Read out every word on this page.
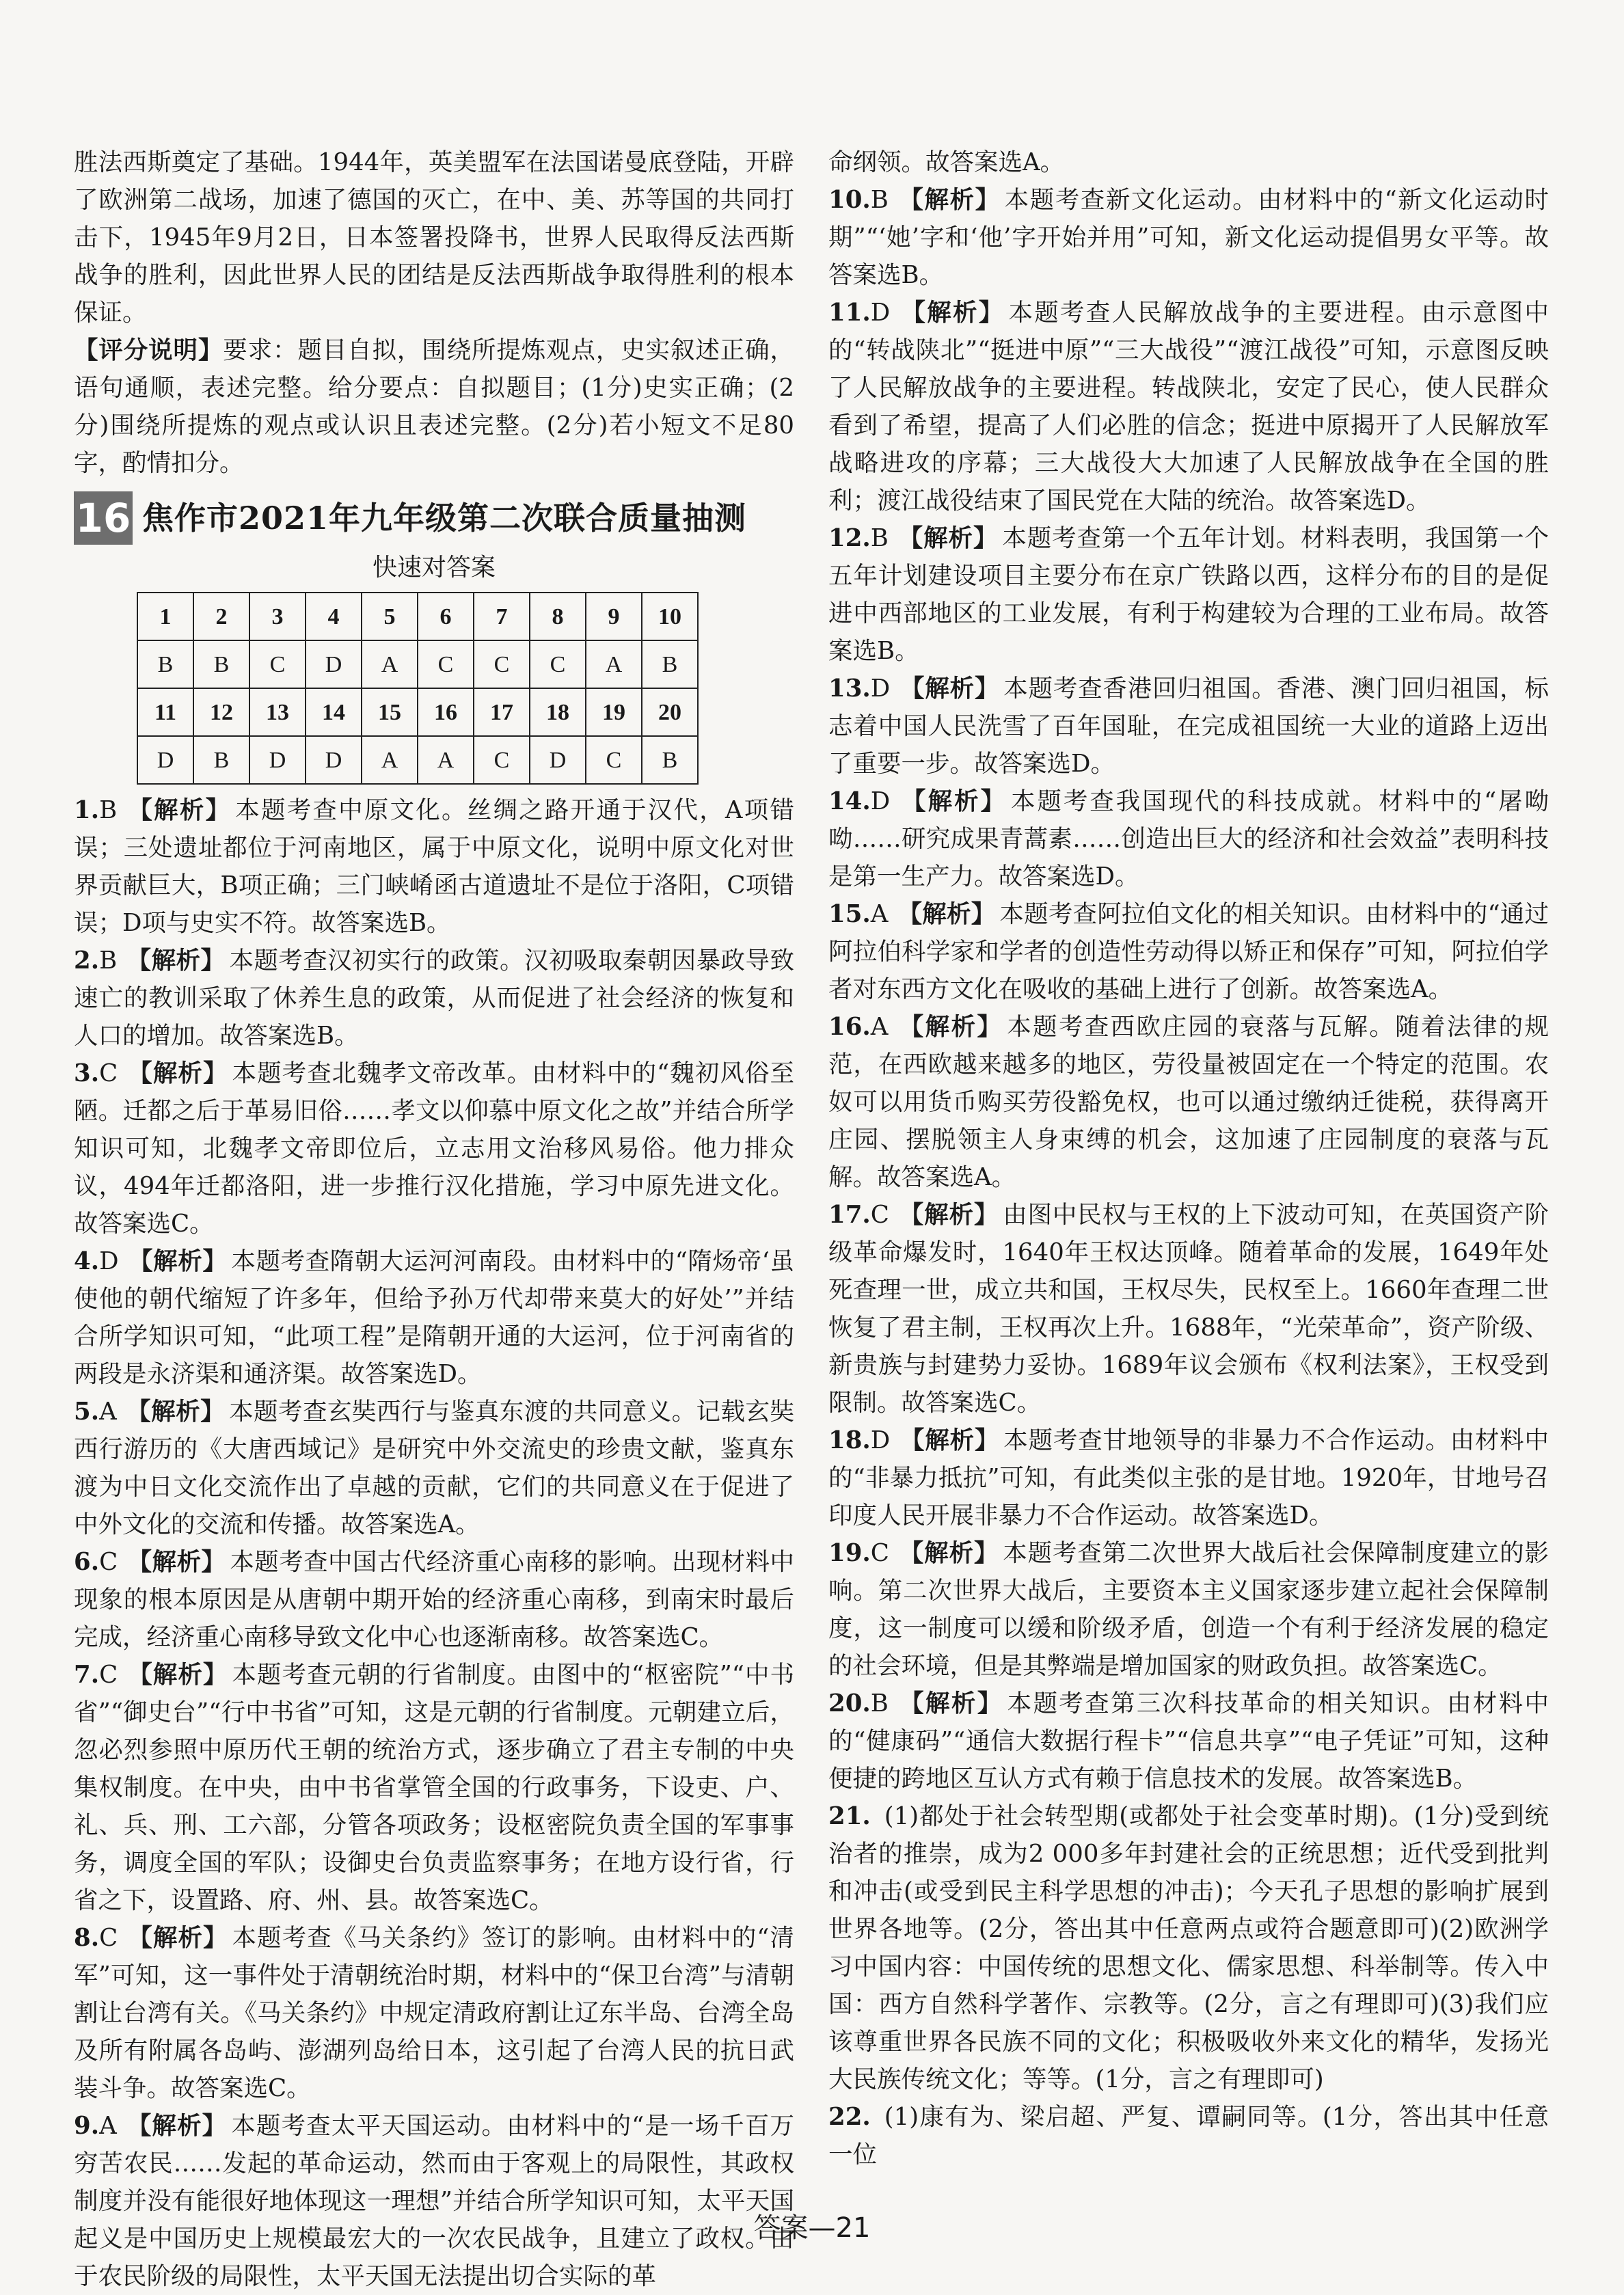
胜法西斯奠定了基础。1944年，英美盟军在法国诺曼底登陆，开辟了欧洲第二战场，加速了德国的灭亡，在中、美、苏等国的共同打击下，1945年9月2日，日本签署投降书，世界人民取得反法西斯战争的胜利，因此世界人民的团结是反法西斯战争取得胜利的根本保证。

【评分说明】要求：题目自拟，围绕所提炼观点，史实叙述正确，语句通顺，表述完整。给分要点：自拟题目；(1分)史实正确；(2分)围绕所提炼的观点或认识且表述完整。(2分)若小短文不足80字，酌情扣分。

16 焦作市2021年九年级第二次联合质量抽测
快速对答案
1	2	3	4	5	6	7	8	9	10
B	B	C	D	A	C	C	C	A	B
11	12	13	14	15	16	17	18	19	20
D	B	D	D	A	A	C	D	C	B

1.B 【解析】 本题考查中原文化。丝绸之路开通于汉代，A项错误；三处遗址都位于河南地区，属于中原文化，说明中原文化对世界贡献巨大，B项正确；三门峡崤函古道遗址不是位于洛阳，C项错误；D项与史实不符。故答案选B。

2.B 【解析】 本题考查汉初实行的政策。汉初吸取秦朝因暴政导致速亡的教训采取了休养生息的政策，从而促进了社会经济的恢复和人口的增加。故答案选B。

3.C 【解析】 本题考查北魏孝文帝改革。由材料中的“魏初风俗至陋。迁都之后于革易旧俗……孝文以仰慕中原文化之故”并结合所学知识可知，北魏孝文帝即位后，立志用文治移风易俗。他力排众议，494年迁都洛阳，进一步推行汉化措施，学习中原先进文化。故答案选C。

4.D 【解析】 本题考查隋朝大运河河南段。由材料中的“隋炀帝‘虽使他的朝代缩短了许多年，但给予孙万代却带来莫大的好处’”并结合所学知识可知，“此项工程”是隋朝开通的大运河，位于河南省的两段是永济渠和通济渠。故答案选D。

5.A 【解析】 本题考查玄奘西行与鉴真东渡的共同意义。记载玄奘西行游历的《大唐西域记》是研究中外交流史的珍贵文献，鉴真东渡为中日文化交流作出了卓越的贡献，它们的共同意义在于促进了中外文化的交流和传播。故答案选A。

6.C 【解析】 本题考查中国古代经济重心南移的影响。出现材料中现象的根本原因是从唐朝中期开始的经济重心南移，到南宋时最后完成，经济重心南移导致文化中心也逐渐南移。故答案选C。

7.C 【解析】 本题考查元朝的行省制度。由图中的“枢密院”“中书省”“御史台”“行中书省”可知，这是元朝的行省制度。元朝建立后，忽必烈参照中原历代王朝的统治方式，逐步确立了君主专制的中央集权制度。在中央，由中书省掌管全国的行政事务，下设吏、户、礼、兵、刑、工六部，分管各项政务；设枢密院负责全国的军事事务，调度全国的军队；设御史台负责监察事务；在地方设行省，行省之下，设置路、府、州、县。故答案选C。

8.C 【解析】 本题考查《马关条约》签订的影响。由材料中的“清军”可知，这一事件处于清朝统治时期，材料中的“保卫台湾”与清朝割让台湾有关。《马关条约》中规定清政府割让辽东半岛、台湾全岛及所有附属各岛屿、澎湖列岛给日本，这引起了台湾人民的抗日武装斗争。故答案选C。

9.A 【解析】 本题考查太平天国运动。由材料中的“是一场千百万穷苦农民……发起的革命运动，然而由于客观上的局限性，其政权制度并没有能很好地体现这一理想”并结合所学知识可知，太平天国起义是中国历史上规模最宏大的一次农民战争，且建立了政权。由于农民阶级的局限性，太平天国无法提出切合实际的革

命纲领。故答案选A。

10.B 【解析】 本题考查新文化运动。由材料中的“新文化运动时期”“‘她’字和‘他’字开始并用”可知，新文化运动提倡男女平等。故答案选B。

11.D 【解析】 本题考查人民解放战争的主要进程。由示意图中的“转战陕北”“挺进中原”“三大战役”“渡江战役”可知，示意图反映了人民解放战争的主要进程。转战陕北，安定了民心，使人民群众看到了希望，提高了人们必胜的信念；挺进中原揭开了人民解放军战略进攻的序幕；三大战役大大加速了人民解放战争在全国的胜利；渡江战役结束了国民党在大陆的统治。故答案选D。

12.B 【解析】 本题考查第一个五年计划。材料表明，我国第一个五年计划建设项目主要分布在京广铁路以西，这样分布的目的是促进中西部地区的工业发展，有利于构建较为合理的工业布局。故答案选B。

13.D 【解析】 本题考查香港回归祖国。香港、澳门回归祖国，标志着中国人民洗雪了百年国耻，在完成祖国统一大业的道路上迈出了重要一步。故答案选D。

14.D 【解析】 本题考查我国现代的科技成就。材料中的“屠呦呦……研究成果青蒿素……创造出巨大的经济和社会效益”表明科技是第一生产力。故答案选D。

15.A 【解析】 本题考查阿拉伯文化的相关知识。由材料中的“通过阿拉伯科学家和学者的创造性劳动得以矫正和保存”可知，阿拉伯学者对东西方文化在吸收的基础上进行了创新。故答案选A。

16.A 【解析】 本题考查西欧庄园的衰落与瓦解。随着法律的规范，在西欧越来越多的地区，劳役量被固定在一个特定的范围。农奴可以用货币购买劳役豁免权，也可以通过缴纳迁徙税，获得离开庄园、摆脱领主人身束缚的机会，这加速了庄园制度的衰落与瓦解。故答案选A。

17.C 【解析】 由图中民权与王权的上下波动可知，在英国资产阶级革命爆发时，1640年王权达顶峰。随着革命的发展，1649年处死查理一世，成立共和国，王权尽失，民权至上。1660年查理二世恢复了君主制，王权再次上升。1688年，“光荣革命”，资产阶级、新贵族与封建势力妥协。1689年议会颁布《权利法案》，王权受到限制。故答案选C。

18.D 【解析】 本题考查甘地领导的非暴力不合作运动。由材料中的“非暴力抵抗”可知，有此类似主张的是甘地。1920年，甘地号召印度人民开展非暴力不合作运动。故答案选D。

19.C 【解析】 本题考查第二次世界大战后社会保障制度建立的影响。第二次世界大战后，主要资本主义国家逐步建立起社会保障制度，这一制度可以缓和阶级矛盾，创造一个有利于经济发展的稳定的社会环境，但是其弊端是增加国家的财政负担。故答案选C。

20.B 【解析】 本题考查第三次科技革命的相关知识。由材料中的“健康码”“通信大数据行程卡”“信息共享”“电子凭证”可知，这种便捷的跨地区互认方式有赖于信息技术的发展。故答案选B。

21. (1)都处于社会转型期(或都处于社会变革时期)。(1分)受到统治者的推崇，成为2 000多年封建社会的正统思想；近代受到批判和冲击(或受到民主科学思想的冲击)；今天孔子思想的影响扩展到世界各地等。(2分，答出其中任意两点或符合题意即可)(2)欧洲学习中国内容：中国传统的思想文化、儒家思想、科举制等。传入中国：西方自然科学著作、宗教等。(2分，言之有理即可)(3)我们应该尊重世界各民族不同的文化；积极吸收外来文化的精华，发扬光大民族传统文化；等等。(1分，言之有理即可)

22. (1)康有为、梁启超、严复、谭嗣同等。(1分，答出其中任意一位

答案—21
